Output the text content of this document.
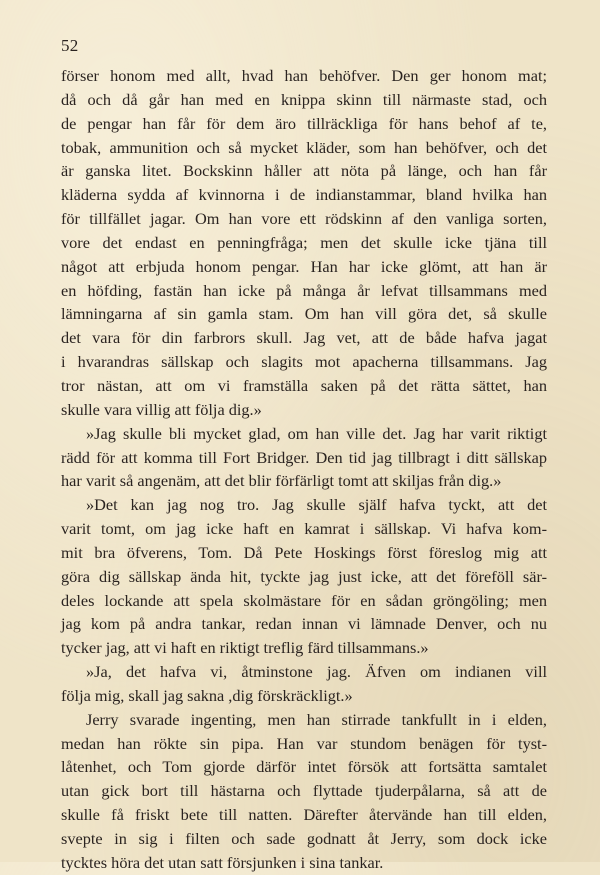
52
förser honom med allt, hvad han behöfver. Den ger honom mat;
då och då går han med en knippa skinn till närmaste stad, och
de pengar han får för dem äro tillräckliga för hans behof af te,
tobak, ammunition och så mycket kläder, som han behöfver, och det
är ganska litet. Bockskinn håller att nöta på länge, och han får
kläderna sydda af kvinnorna i de indianstammar, bland hvilka han
för tillfället jagar. Om han vore ett rödskinn af den vanliga sorten,
vore det endast en penningfråga; men det skulle icke tjäna till
något att erbjuda honom pengar. Han har icke glömt, att han är
en höfding, fastän han icke på många år lefvat tillsammans med
lämningarna af sin gamla stam. Om han vill göra det, så skulle
det vara för din farbrors skull. Jag vet, att de både hafva jagat
i hvarandras sällskap och slagits mot apacherna tillsammans. Jag
tror nästan, att om vi framställa saken på det rätta sättet, han
skulle vara villig att följa dig.»
»Jag skulle bli mycket glad, om han ville det. Jag har varit riktigt
rädd för att komma till Fort Bridger. Den tid jag tillbragt i ditt sällskap
har varit så angenäm, att det blir förfärligt tomt att skiljas från dig.»
»Det kan jag nog tro. Jag skulle själf hafva tyckt, att det
varit tomt, om jag icke haft en kamrat i sällskap. Vi hafva kom-
mit bra öfverens, Tom. Då Pete Hoskings först föreslog mig att
göra dig sällskap ända hit, tyckte jag just icke, att det föreföll sär-
deles lockande att spela skolmästare för en sådan gröngöling; men
jag kom på andra tankar, redan innan vi lämnade Denver, och nu
tycker jag, att vi haft en riktigt treflig färd tillsammans.»
»Ja, det hafva vi, åtminstone jag. Äfven om indianen vill
följa mig, skall jag sakna ,dig förskräckligt.»
Jerry svarade ingenting, men han stirrade tankfullt in i elden,
medan han rökte sin pipa. Han var stundom benägen för tyst-
låtenhet, och Tom gjorde därför intet försök att fortsätta samtalet
utan gick bort till hästarna och flyttade tjuderpålarna, så att de
skulle få friskt bete till natten. Därefter återvände han till elden,
svepte in sig i filten och sade godnatt åt Jerry, som dock icke
tycktes höra det utan satt försjunken i sina tankar.
